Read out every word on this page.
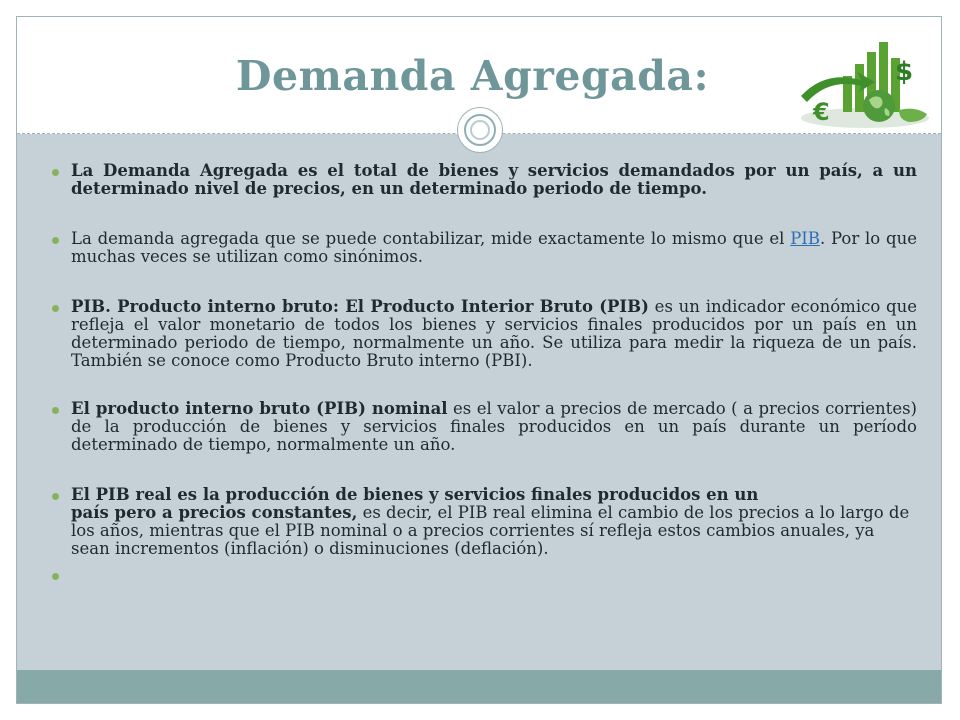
Demanda Agregada:	$
€
La Demanda Agregada es el total de bienes y servicios demandados por un país, a un determinado nivel de precios, en un determinado periodo de tiempo.
La demanda agregada que se puede contabilizar, mide exactamente lo mismo que el PIB. Por lo que muchas veces se utilizan como sinónimos.
PIB. Producto interno bruto: El Producto Interior Bruto (PIB) es un indicador económico que refleja el valor monetario de todos los bienes y servicios finales producidos por un país en un determinado periodo de tiempo, normalmente un año. Se utiliza para medir la riqueza de un país. También se conoce como Producto Bruto interno (PBI).
El producto interno bruto (PIB) nominal es el valor a precios de mercado ( a precios corrientes) de la producción de bienes y servicios finales producidos en un país durante un período determinado de tiempo, normalmente un año.
El PIB real es la producción de bienes y servicios finales producidos en un
país pero a precios constantes, es decir, el PIB real elimina el cambio de los precios a lo largo de los años, mientras que el PIB nominal o a precios corrientes sí refleja estos cambios anuales, ya sean incrementos (inflación) o disminuciones (deflación).
